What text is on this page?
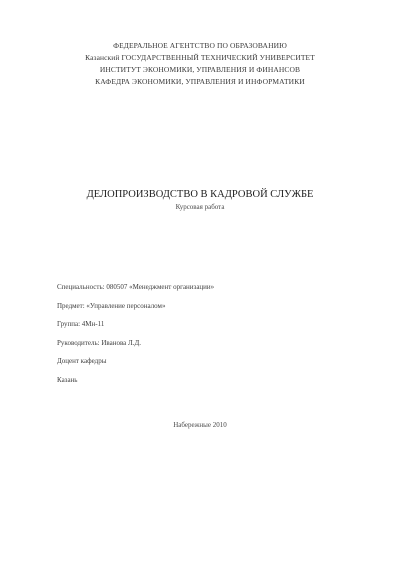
ФЕДЕРАЛЬНОЕ АГЕНТСТВО ПО ОБРАЗОВАНИЮ
Казанский ГОСУДАРСТВЕННЫЙ ТЕХНИЧЕСКИЙ УНИВЕРСИТЕТ
ИНСТИТУТ ЭКОНОМИКИ, УПРАВЛЕНИЯ И ФИНАНСОВ
КАФЕДРА ЭКОНОМИКИ, УПРАВЛЕНИЯ И ИНФОРМАТИКИ
ДЕЛОПРОИЗВОДСТВО В КАДРОВОЙ СЛУЖБЕ
Курсовая работа
Специальность: 080507 «Менеджмент организации»
Предмет: «Управление персоналом»
Группа: 4Мн-11
Руководитель: Иванова Л.Д.
Доцент кафедры
Казань
Набережные 2010
